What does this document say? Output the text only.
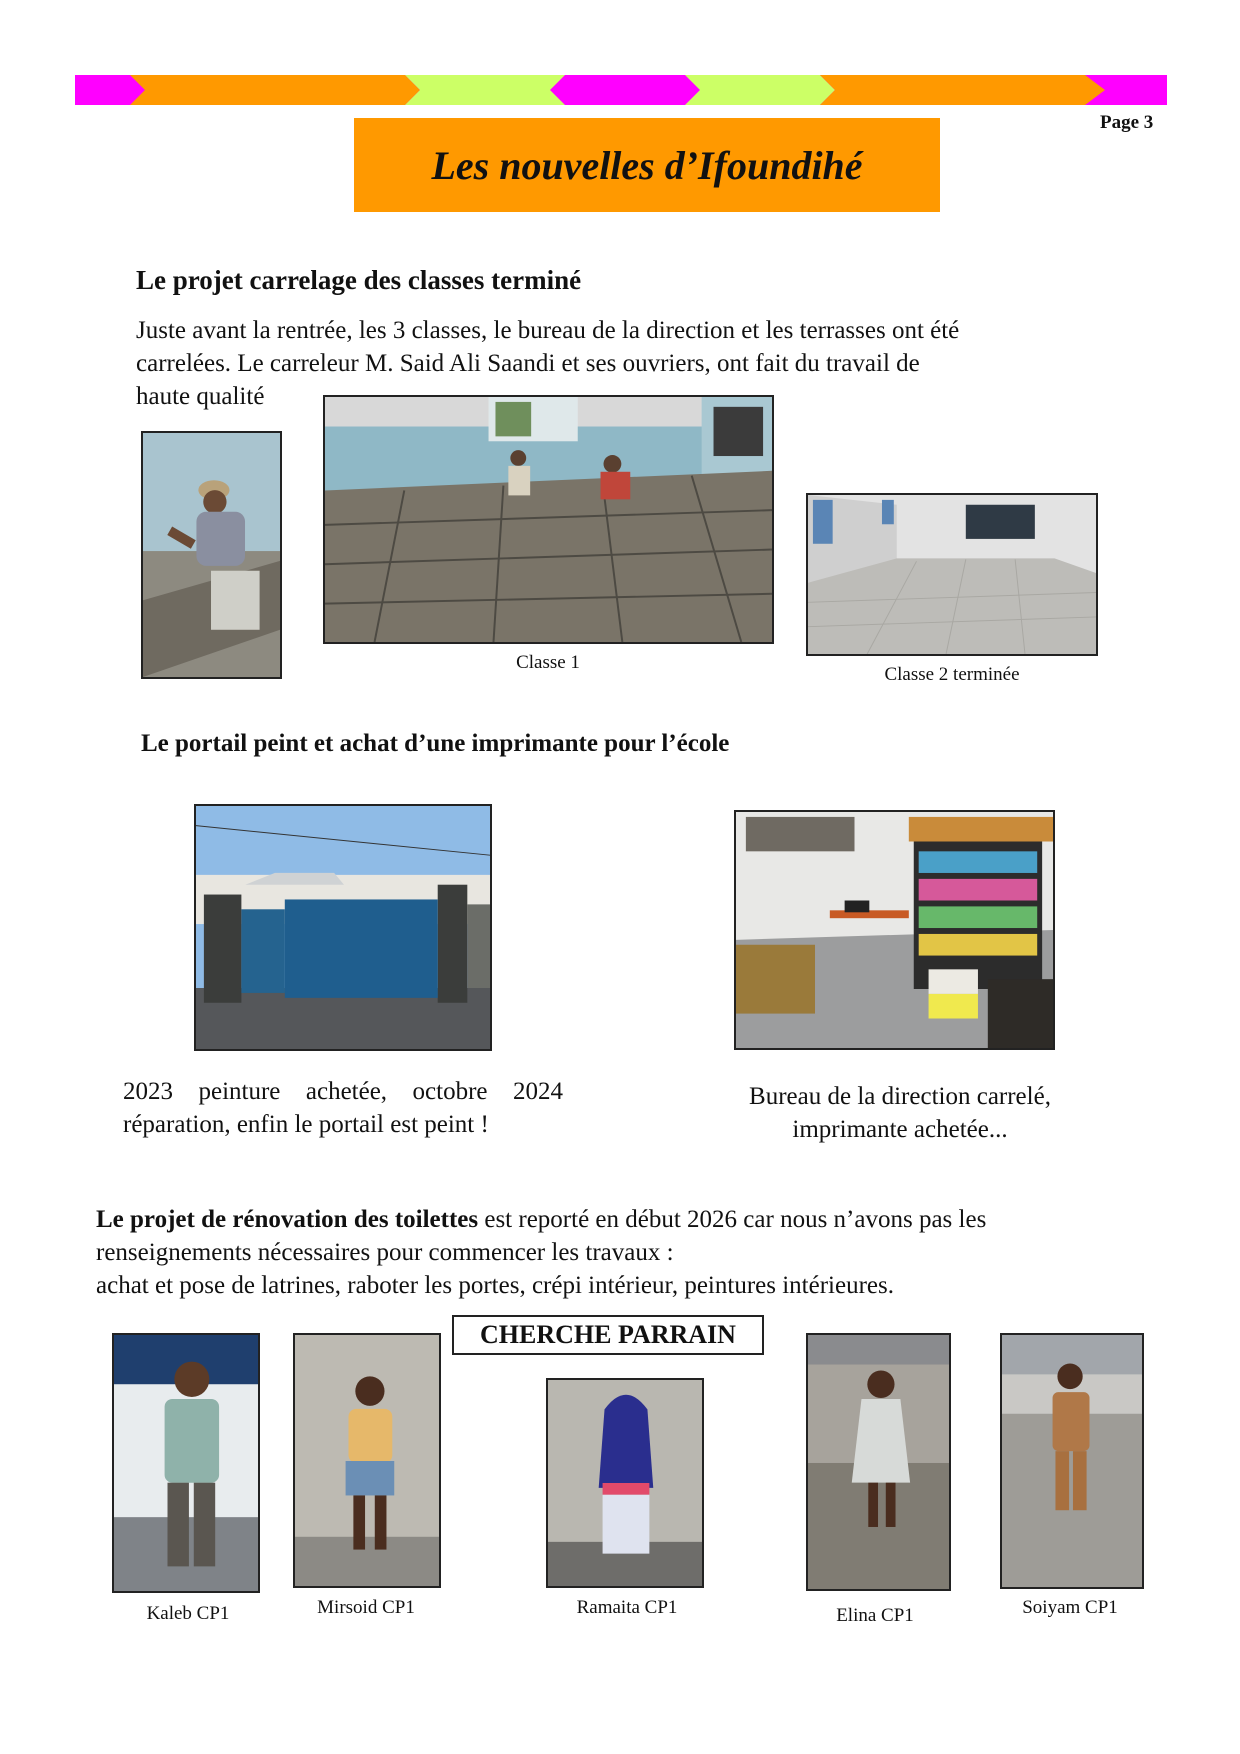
Page 3
Les nouvelles d’Ifoundihé
Le projet carrelage des classes terminé
Juste avant la rentrée, les 3 classes, le bureau de la direction et les terrasses ont été
carrelées. Le carreleur M. Said Ali Saandi et ses ouvriers, ont fait du travail de
haute qualité
Classe 1
Classe 2 terminée
Le portail peint et achat d’une imprimante pour l’école
2023 peinture achetée, octobre 2024
réparation, enfin le portail est peint !
Bureau de la direction carrelé,
imprimante achetée...
Le projet de rénovation des toilettes est reporté en début 2026 car nous n’avons pas les
renseignements nécessaires pour commencer les travaux :
achat et pose de latrines, raboter les portes, crépi intérieur, peintures intérieures.
CHERCHE PARRAIN
Kaleb CP1	Mirsoid CP1	Ramaita CP1	Elina CP1	Soiyam CP1
